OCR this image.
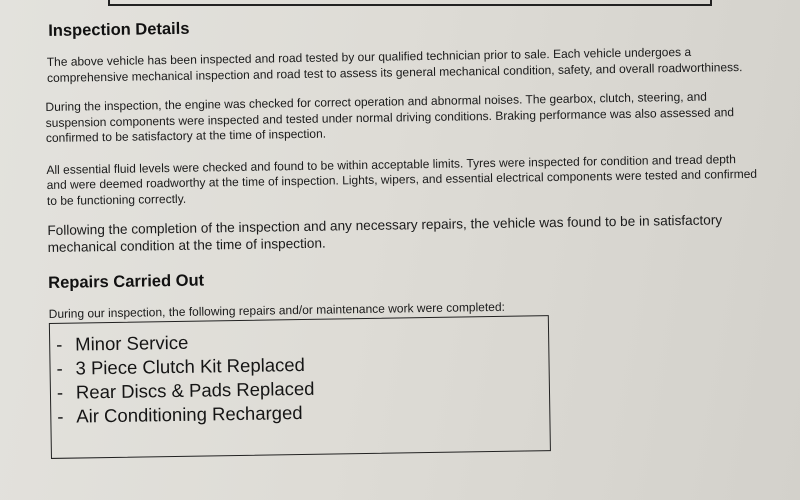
Inspection Details

The above vehicle has been inspected and road tested by our qualified technician prior to sale. Each vehicle undergoes a comprehensive mechanical inspection and road test to assess its general mechanical condition, safety, and overall roadworthiness.

During the inspection, the engine was checked for correct operation and abnormal noises. The gearbox, clutch, steering, and suspension components were inspected and tested under normal driving conditions. Braking performance was also assessed and confirmed to be satisfactory at the time of inspection.

All essential fluid levels were checked and found to be within acceptable limits. Tyres were inspected for condition and tread depth and were deemed roadworthy at the time of inspection. Lights, wipers, and essential electrical components were tested and confirmed to be functioning correctly.

Following the completion of the inspection and any necessary repairs, the vehicle was found to be in satisfactory mechanical condition at the time of inspection.

Repairs Carried Out

During our inspection, the following repairs and/or maintenance work were completed:

- Minor Service
- 3 Piece Clutch Kit Replaced
- Rear Discs & Pads Replaced
- Air Conditioning Recharged
